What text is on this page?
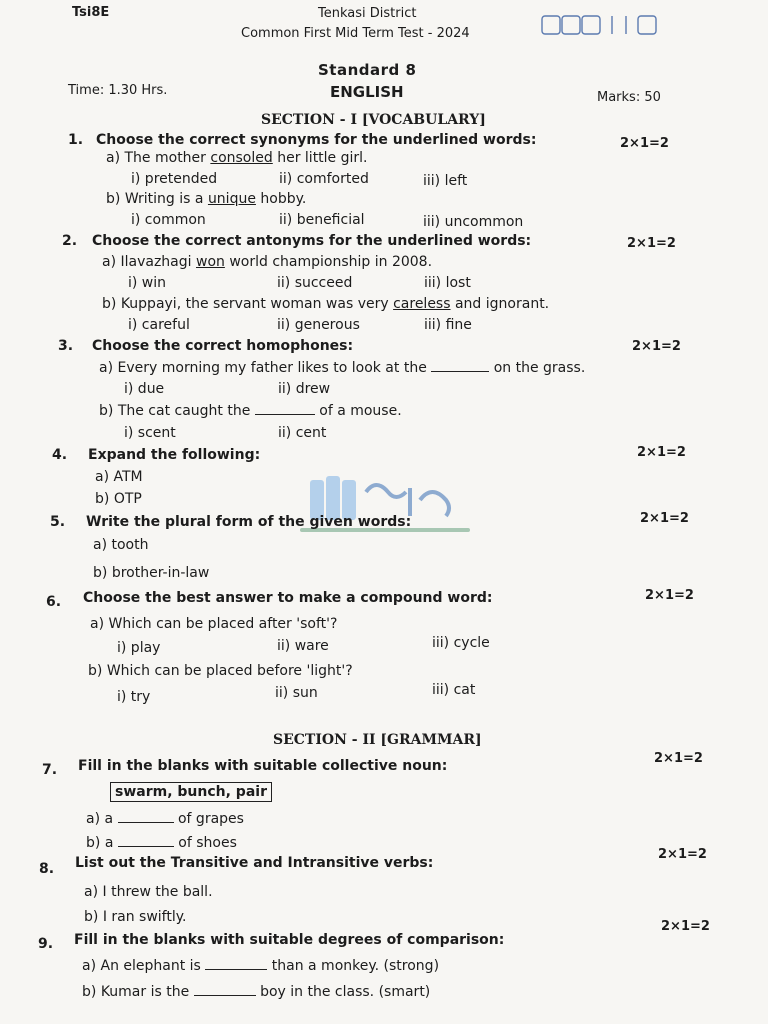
Tsi8E	Tenkasi District
Common First Mid Term Test - 2024
Standard 8
Time: 1.30 Hrs.	ENGLISH	Marks: 50
SECTION - I [VOCABULARY]
1. Choose the correct synonyms for the underlined words:	2×1=2
a) The mother consoled her little girl.
i) pretended	ii) comforted	iii) left
b) Writing is a unique hobby.
i) common	ii) beneficial	iii) uncommon
2. Choose the correct antonyms for the underlined words:	2×1=2
a) Ilavazhagi won world championship in 2008.
i) win	ii) succeed	iii) lost
b) Kuppayi, the servant woman was very careless and ignorant.
i) careful	ii) generous	iii) fine
3. Choose the correct homophones:	2×1=2
a) Every morning my father likes to look at the	on the grass.
i) due	ii) drew
b) The cat caught the	of a mouse.
i) scent	ii) cent
4. Expand the following:	2×1=2
a) ATM
b) OTP
5. Write the plural form of the given words:	2×1=2
a) tooth
b) brother-in-law
6. Choose the best answer to make a compound word:	2×1=2
a) Which can be placed after 'soft'?
i) play	ii) ware	iii) cycle
b) Which can be placed before 'light'?
i) try	ii) sun	iii) cat
SECTION - II [GRAMMAR]
7. Fill in the blanks with suitable collective noun:	2×1=2
swarm, bunch, pair
a) a	of grapes
b) a	of shoes
8. List out the Transitive and Intransitive verbs:
2×1=2
a) I threw the ball.
b) I ran swiftly.
9. Fill in the blanks with suitable degrees of comparison:
2×1=2
a) An elephant is	than a monkey. (strong)
b) Kumar is the	boy in the class. (smart)
